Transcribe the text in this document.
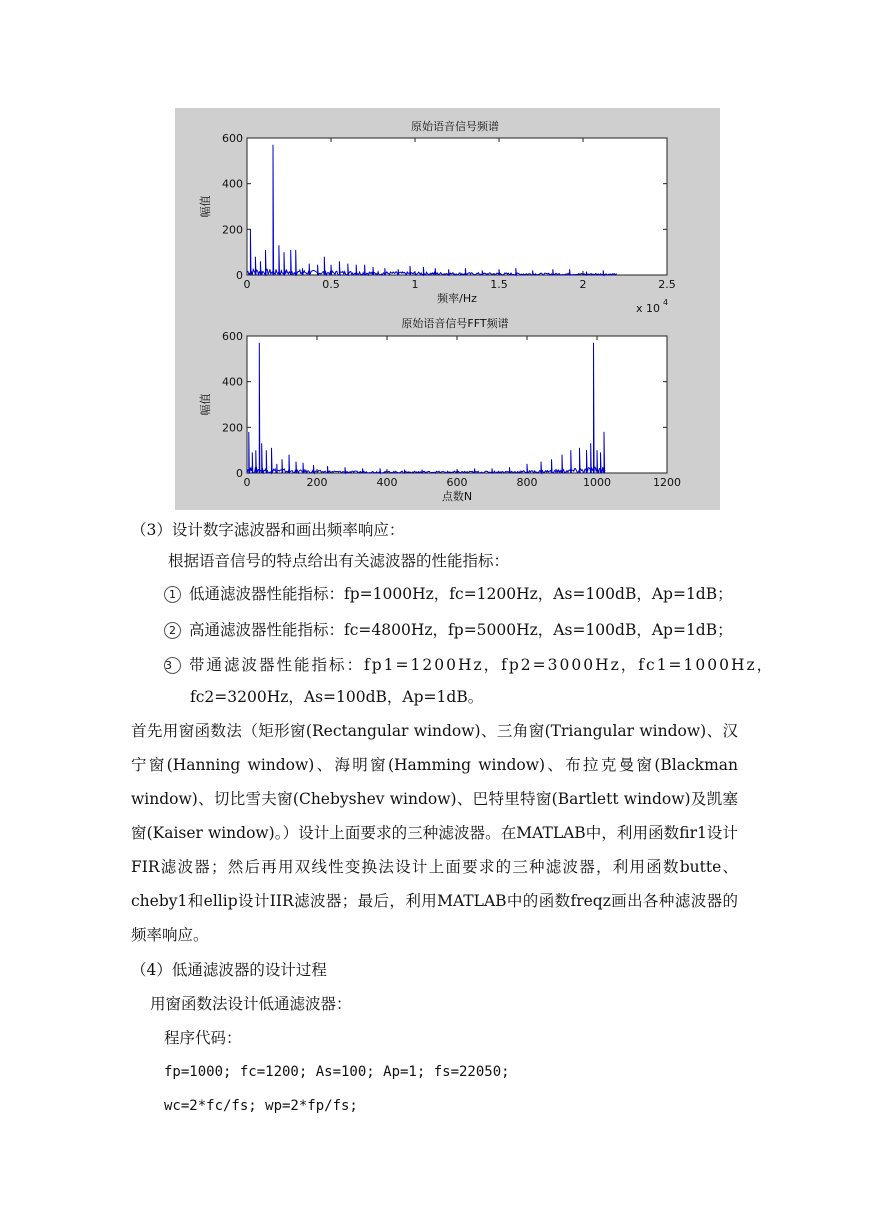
原始语音信号频谱
0	0.5	1	1.5	2	2.5
0
200
400
600
幅值
频率/Hz
x 10 4
原始语音信号FFT频谱
0	200	400	600	800	1000	1200
0
200
400
600
幅值
点数N
（3）设计数字滤波器和画出频率响应：
根据语音信号的特点给出有关滤波器的性能指标：
1 低通滤波器性能指标：fp=1000Hz，fc=1200Hz，As=100dB，Ap=1dB；
2 高通滤波器性能指标：fc=4800Hz，fp=5000Hz，As=100dB，Ap=1dB；
3 带通滤波器性能指标：fp1=1200Hz，fp2=3000Hz，fc1=1000Hz，
fc2=3200Hz，As=100dB，Ap=1dB。
首先用窗函数法（矩形窗(Rectangular window)、三角窗(Triangular window)、汉宁窗(Hanning window)、海明窗(Hamming window)、布拉克曼窗(Blackman window)、切比雪夫窗(Chebyshev window)、巴特里特窗(Bartlett window)及凯塞窗(Kaiser window)。）设计上面要求的三种滤波器。在MATLAB中，利用函数fir1设计FIR滤波器；然后再用双线性变换法设计上面要求的三种滤波器，利用函数butte、cheby1和ellip设计IIR滤波器；最后，利用MATLAB中的函数freqz画出各种滤波器的频率响应。
（4）低通滤波器的设计过程
用窗函数法设计低通滤波器：
程序代码：
fp=1000; fc=1200; As=100; Ap=1; fs=22050;
wc=2*fc/fs; wp=2*fp/fs;
